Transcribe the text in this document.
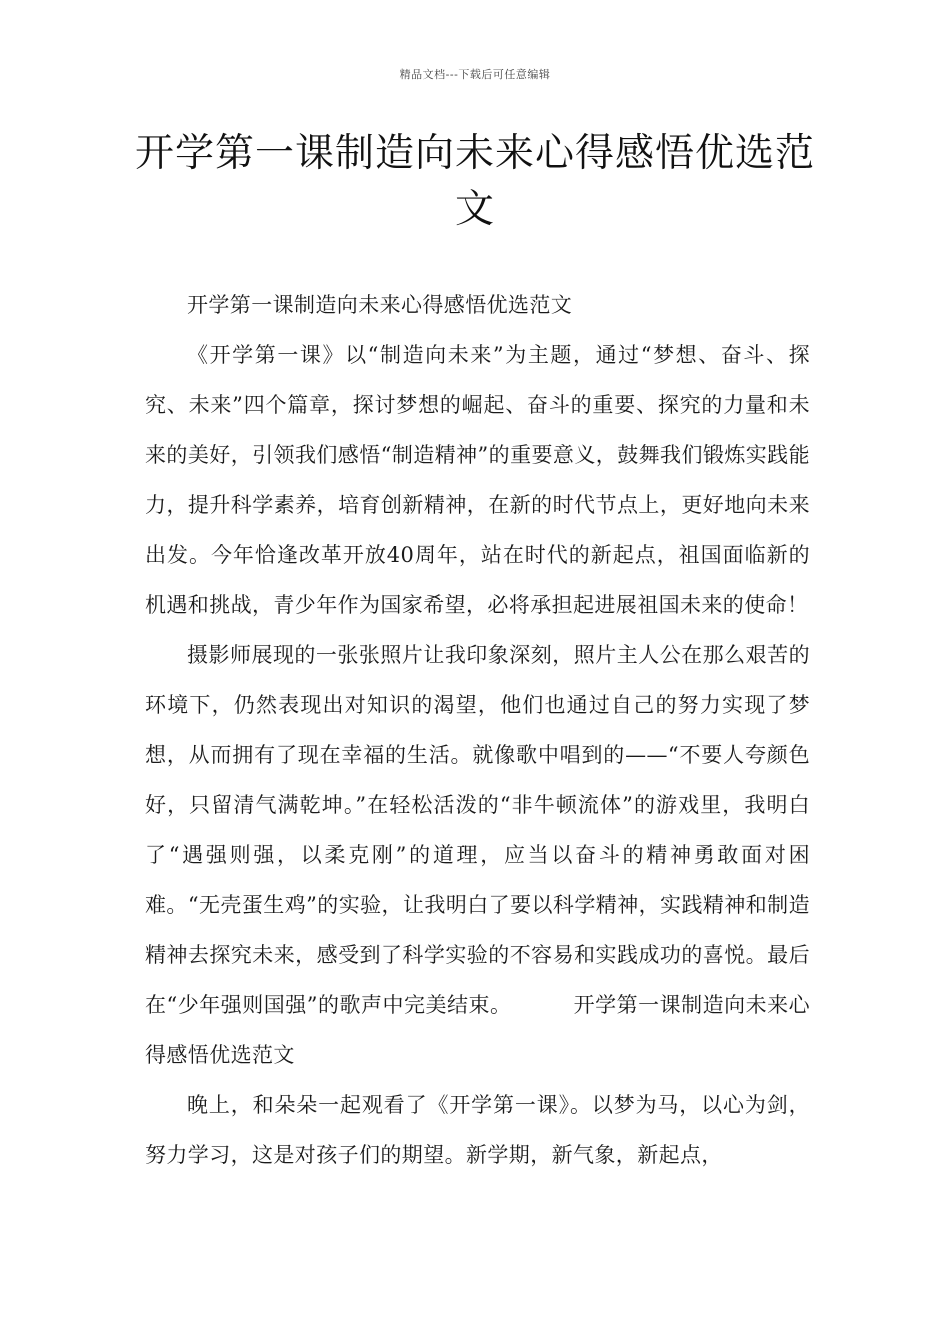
精品文档---下载后可任意编辑
开学第一课制造向未来心得感悟优选范文

开学第一课制造向未来心得感悟优选范文

《开学第一课》以“制造向未来”为主题，通过“梦想、奋斗、探究、未来”四个篇章，探讨梦想的崛起、奋斗的重要、探究的力量和未来的美好，引领我们感悟“制造精神”的重要意义，鼓舞我们锻炼实践能力，提升科学素养，培育创新精神，在新的时代节点上，更好地向未来出发。今年恰逢改革开放40周年，站在时代的新起点，祖国面临新的机遇和挑战，青少年作为国家希望，必将承担起进展祖国未来的使命！

摄影师展现的一张张照片让我印象深刻，照片主人公在那么艰苦的环境下，仍然表现出对知识的渴望，他们也通过自己的努力实现了梦想，从而拥有了现在幸福的生活。就像歌中唱到的——“不要人夸颜色好，只留清气满乾坤。”在轻松活泼的“非牛顿流体”的游戏里，我明白了“遇强则强，以柔克刚”的道理，应当以奋斗的精神勇敢面对困难。“无壳蛋生鸡”的实验，让我明白了要以科学精神，实践精神和制造精神去探究未来，感受到了科学实验的不容易和实践成功的喜悦。最后在“少年强则国强”的歌声中完美结束。	开学第一课制造向未来心得感悟优选范文

晚上，和朵朵一起观看了《开学第一课》。以梦为马，以心为剑，努力学习，这是对孩子们的期望。新学期，新气象，新起点，
